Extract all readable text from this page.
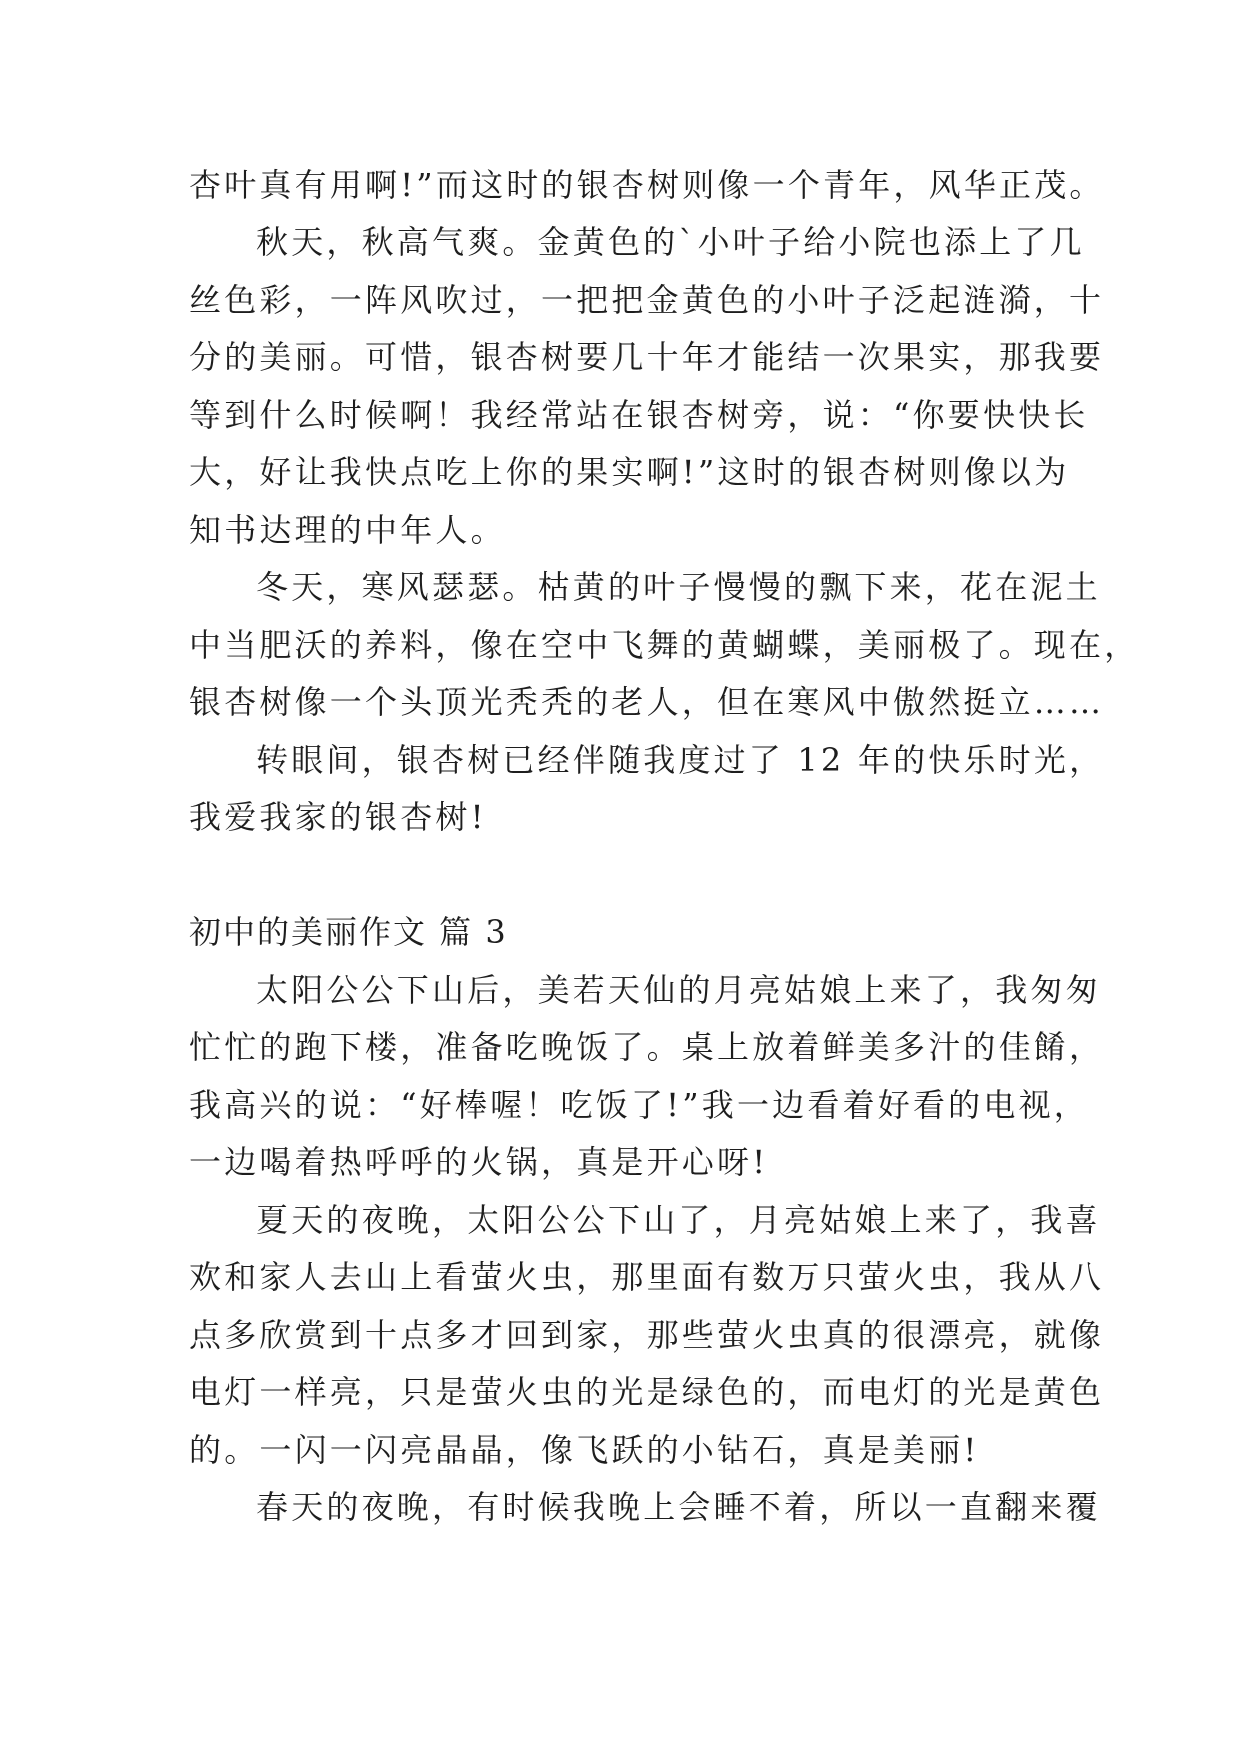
杏叶真有用啊!”而这时的银杏树则像一个青年，风华正茂。
秋天，秋高气爽。金黄色的`小叶子给小院也添上了几
丝色彩，一阵风吹过，一把把金黄色的小叶子泛起涟漪，十
分的美丽。可惜，银杏树要几十年才能结一次果实，那我要
等到什么时候啊！我经常站在银杏树旁，说：“你要快快长
大，好让我快点吃上你的果实啊!”这时的银杏树则像以为
知书达理的中年人。
冬天，寒风瑟瑟。枯黄的叶子慢慢的飘下来，花在泥土
中当肥沃的养料，像在空中飞舞的黄蝴蝶，美丽极了。现在，
银杏树像一个头顶光秃秃的老人，但在寒风中傲然挺立……
转眼间，银杏树已经伴随我度过了 12 年的快乐时光，
我爱我家的银杏树!
初中的美丽作文 篇 3
太阳公公下山后，美若天仙的月亮姑娘上来了，我匆匆
忙忙的跑下楼，准备吃晚饭了。桌上放着鲜美多汁的佳餚，
我高兴的说：“好棒喔！吃饭了!”我一边看着好看的电视，
一边喝着热呼呼的火锅，真是开心呀!
夏天的夜晚，太阳公公下山了，月亮姑娘上来了，我喜
欢和家人去山上看萤火虫，那里面有数万只萤火虫，我从八
点多欣赏到十点多才回到家，那些萤火虫真的很漂亮，就像
电灯一样亮，只是萤火虫的光是绿色的，而电灯的光是黄色
的。一闪一闪亮晶晶，像飞跃的小钻石，真是美丽!
春天的夜晚，有时候我晚上会睡不着，所以一直翻来覆
